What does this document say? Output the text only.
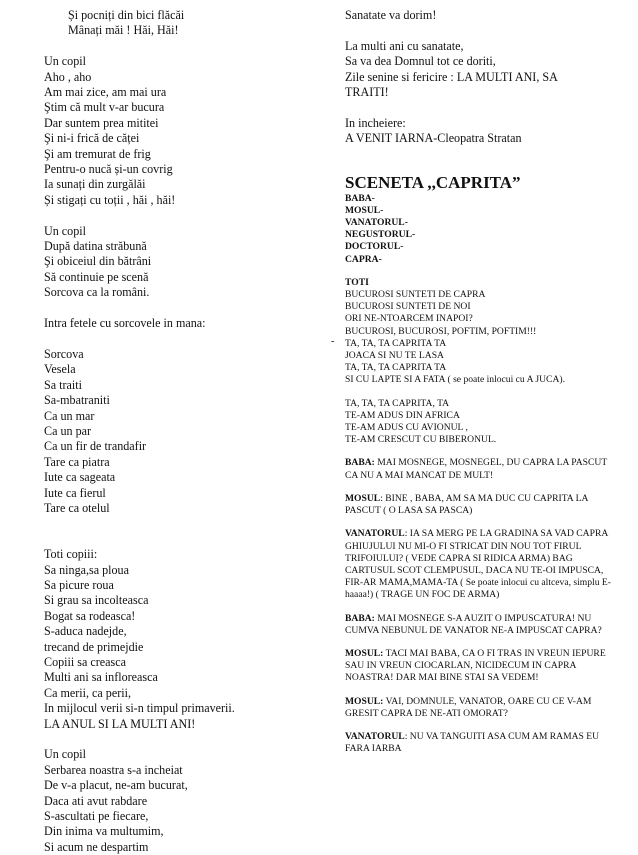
Și pocniți din bici flăcăi
Mânați măi ! Hăi, Hăi!
Un copil
Aho , aho
Am mai zice, am mai ura
Ştim că mult v-ar bucura
Dar suntem prea mititei
Şi ni-i frică de căței
Şi am tremurat de frig
Pentru-o nucă și-un covrig
Ia sunați din zurgălăi
Și stigați cu toții , hăi , hăi!
Un copil
După datina străbună
Şi obiceiul din bătrâni
Să continuie pe scenă
Sorcova ca la români.
Intra fetele cu sorcovele in mana:
Sorcova
Vesela
Sa traiti
Sa-mbatraniti
Ca un mar
Ca un par
Ca un fir de trandafir
Tare ca piatra
Iute ca sageata
Iute ca fierul
Tare ca otelul
Toti copiii:
Sa ninga,sa ploua
Sa picure roua
Si grau sa incolteasca
Bogat sa rodeasca!
S-aduca nadejde,
trecand de primejdie
Copiii sa creasca
Multi ani sa infloreasca
Ca merii, ca perii,
In mijlocul verii si-n timpul primaverii.
LA ANUL SI LA MULTI ANI!
Un copil
Serbarea noastra s-a incheiat
De v-a placut, ne-am bucurat,
Daca ati avut rabdare
S-ascultati pe fiecare,
Din inima va multumim,
Si acum ne despartim
-
Sanatate va dorim!
La multi ani cu sanatate,
Sa va dea Domnul tot ce doriti,
Zile senine si fericire : LA MULTI ANI, SA
TRAITI!
In incheiere:
A VENIT IARNA-Cleopatra Stratan
SCENETA ,,CAPRITA”
BABA-
MOSUL-
VANATORUL-
NEGUSTORUL-
DOCTORUL-
CAPRA-
TOTI
BUCUROSI SUNTETI DE CAPRA
BUCUROSI SUNTETI DE NOI
ORI NE-NTOARCEM INAPOI?
BUCUROSI, BUCUROSI, POFTIM, POFTIM!!!
TA, TA, TA CAPRITA TA
JOACA SI NU TE LASA
TA, TA, TA CAPRITA TA
SI CU LAPTE SI A FATA ( se poate inlocui cu A JUCA).
TA, TA, TA CAPRITA, TA
TE-AM ADUS DIN AFRICA
TE-AM ADUS CU AVIONUL ,
TE-AM CRESCUT CU BIBERONUL.
BABA: MAI MOSNEGE, MOSNEGEL, DU CAPRA LA PASCUT CA NU A MAI MANCAT DE MULT!
MOSUL: BINE , BABA, AM SA MA DUC CU CAPRITA LA PASCUT ( O LASA SA PASCA)
VANATORUL: IA SA MERG PE LA GRADINA SA VAD CAPRA GHIUJULUI NU MI-O FI STRICAT DIN NOU TOT FIRUL TRIFOIULUI? ( VEDE CAPRA SI RIDICA ARMA) BAG CARTUSUL SCOT CLEMPUSUL, DACA NU TE-OI IMPUSCA, FIR-AR MAMA,MAMA-TA ( Se poate inlocui cu altceva, simplu E-haaaa!) ( TRAGE UN FOC DE ARMA)
BABA: MAI MOSNEGE S-A AUZIT O IMPUSCATURA! NU CUMVA NEBUNUL DE VANATOR NE-A IMPUSCAT CAPRA?
MOSUL: TACI MAI BABA, CA O FI TRAS IN VREUN IEPURE SAU IN VREUN CIOCARLAN, NICIDECUM IN CAPRA NOASTRA! DAR MAI BINE STAI SA VEDEM!
MOSUL: VAI, DOMNULE, VANATOR, OARE CU CE V-AM GRESIT CAPRA DE NE-ATI OMORAT?
VANATORUL: NU VA TANGUITI ASA CUM AM RAMAS EU FARA IARBA
